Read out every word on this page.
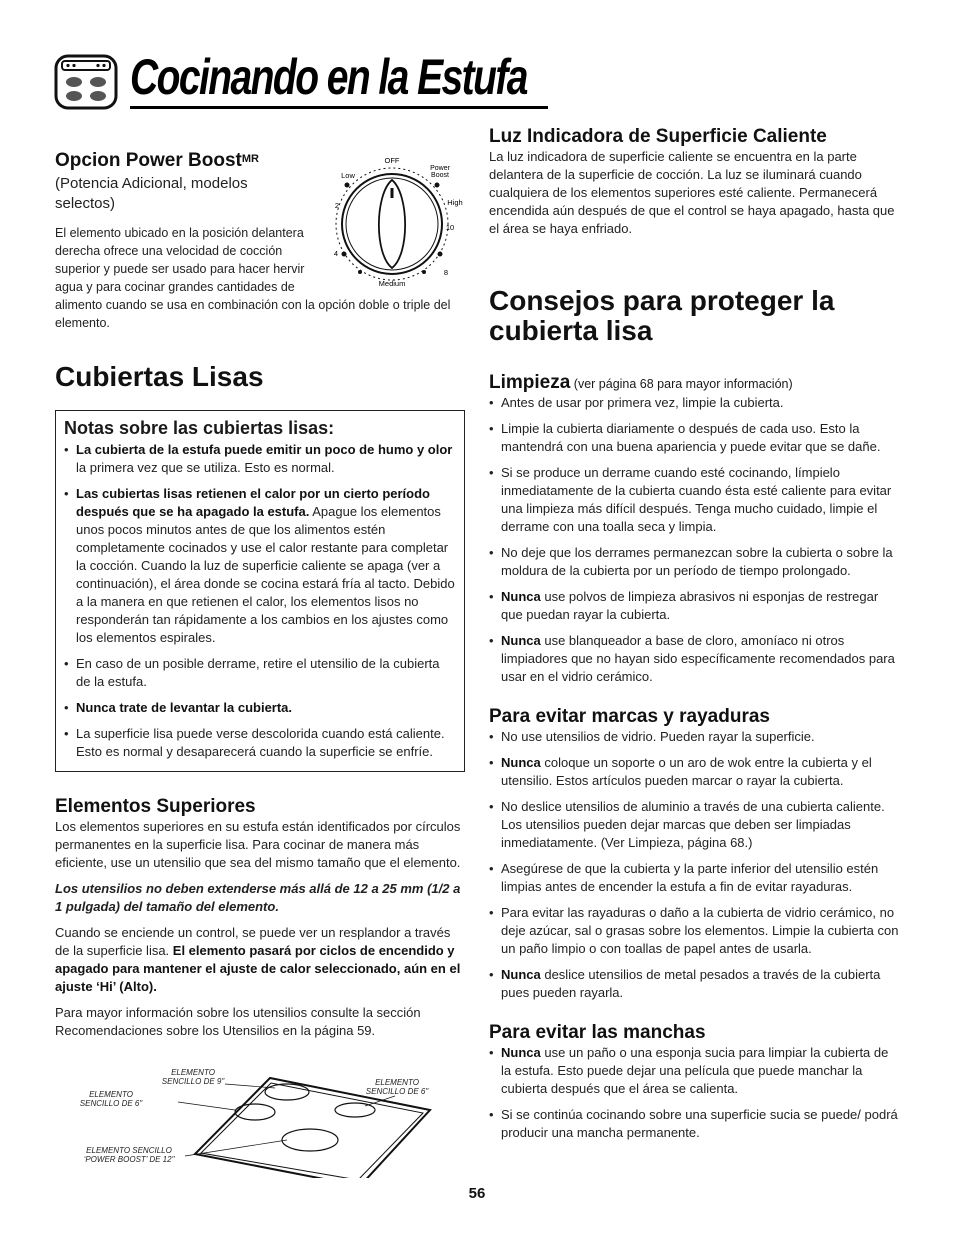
Cocinando en la Estufa
Opcion Power Boost$^{MR}$
(Potencia Adicional, modelos selectos)
OFF
Low
Power Boost
High
2
10
4
8
Medium
El elemento ubicado en la posición delantera derecha ofrece una velocidad de cocción superior y puede ser usado para hacer hervir agua y para cocinar grandes cantidades de
alimento cuando se usa en combinación con la opción doble o triple del elemento.
Cubiertas Lisas
Notas sobre las cubiertas lisas:
• La cubierta de la estufa puede emitir un poco de humo y olor la primera vez que se utiliza. Esto es normal.
• Las cubiertas lisas retienen el calor por un cierto período después que se ha apagado la estufa. Apague los elementos unos pocos minutos antes de que los alimentos estén completamente cocinados y use el calor restante para completar la cocción. Cuando la luz de superficie caliente se apaga (ver a continuación), el área donde se cocina estará fría al tacto. Debido a la manera en que retienen el calor, los elementos lisos no responderán tan rápidamente a los cambios en los ajustes como los elementos espirales.
• En caso de un posible derrame, retire el utensilio de la cubierta de la estufa.
• Nunca trate de levantar la cubierta.
• La superficie lisa puede verse descolorida cuando está caliente. Esto es normal y desaparecerá cuando la superficie se enfríe.
Elementos Superiores
Los elementos superiores en su estufa están identificados por círculos permanentes en la superficie lisa. Para cocinar de manera más eficiente, use un utensilio que sea del mismo tamaño que el elemento.
Los utensilios no deben extenderse más allá de 12 a 25 mm (1/2 a 1 pulgada) del tamaño del elemento.
Cuando se enciende un control, se puede ver un resplandor a través de la superficie lisa. El elemento pasará por ciclos de encendido y apagado para mantener el ajuste de calor seleccionado, aún en el ajuste ‘Hi’ (Alto).
Para mayor información sobre los utensilios consulte la sección Recomendaciones sobre los Utensilios en la página 59.
ELEMENTO SENCILLO DE 9"
ELEMENTO SENCILLO DE 6"
ELEMENTO SENCILLO DE 6"
ELEMENTO SENCILLO ‘POWER BOOST’ DE 12"
Luz Indicadora de Superficie Caliente
La luz indicadora de superficie caliente se encuentra en la parte delantera de la superficie de cocción. La luz se iluminará cuando cualquiera de los elementos superiores esté caliente. Permanecerá encendida aún después de que el control se haya apagado, hasta que el área se haya enfriado.
Consejos para proteger la cubierta lisa
Limpieza (ver página 68 para mayor información)
• Antes de usar por primera vez, limpie la cubierta.
• Limpie la cubierta diariamente o después de cada uso. Esto la mantendrá con una buena apariencia y puede evitar que se dañe.
• Si se produce un derrame cuando esté cocinando, límpielo inmediatamente de la cubierta cuando ésta esté caliente para evitar una limpieza más difícil después. Tenga mucho cuidado, limpie el derrame con una toalla seca y limpia.
• No deje que los derrames permanezcan sobre la cubierta o sobre la moldura de la cubierta por un período de tiempo prolongado.
• Nunca use polvos de limpieza abrasivos ni esponjas de restregar que puedan rayar la cubierta.
• Nunca use blanqueador a base de cloro, amoníaco ni otros limpiadores que no hayan sido específicamente recomendados para usar en el vidrio cerámico.
Para evitar marcas y rayaduras
• No use utensilios de vidrio. Pueden rayar la superficie.
• Nunca coloque un soporte o un aro de wok entre la cubierta y el utensilio. Estos artículos pueden marcar o rayar la cubierta.
• No deslice utensilios de aluminio a través de una cubierta caliente. Los utensilios pueden dejar marcas que deben ser limpiadas inmediatamente. (Ver Limpieza, página 68.)
• Asegúrese de que la cubierta y la parte inferior del utensilio estén limpias antes de encender la estufa a fin de evitar rayaduras.
• Para evitar las rayaduras o daño a la cubierta de vidrio cerámico, no deje azúcar, sal o grasas sobre los elementos. Limpie la cubierta con un paño limpio o con toallas de papel antes de usarla.
• Nunca deslice utensilios de metal pesados a través de la cubierta pues pueden rayarla.
Para evitar las manchas
• Nunca use un paño o una esponja sucia para limpiar la cubierta de la estufa. Esto puede dejar una película que puede manchar la cubierta después que el área se calienta.
• Si se continúa cocinando sobre una superficie sucia se puede/ podrá producir una mancha permanente.
56
